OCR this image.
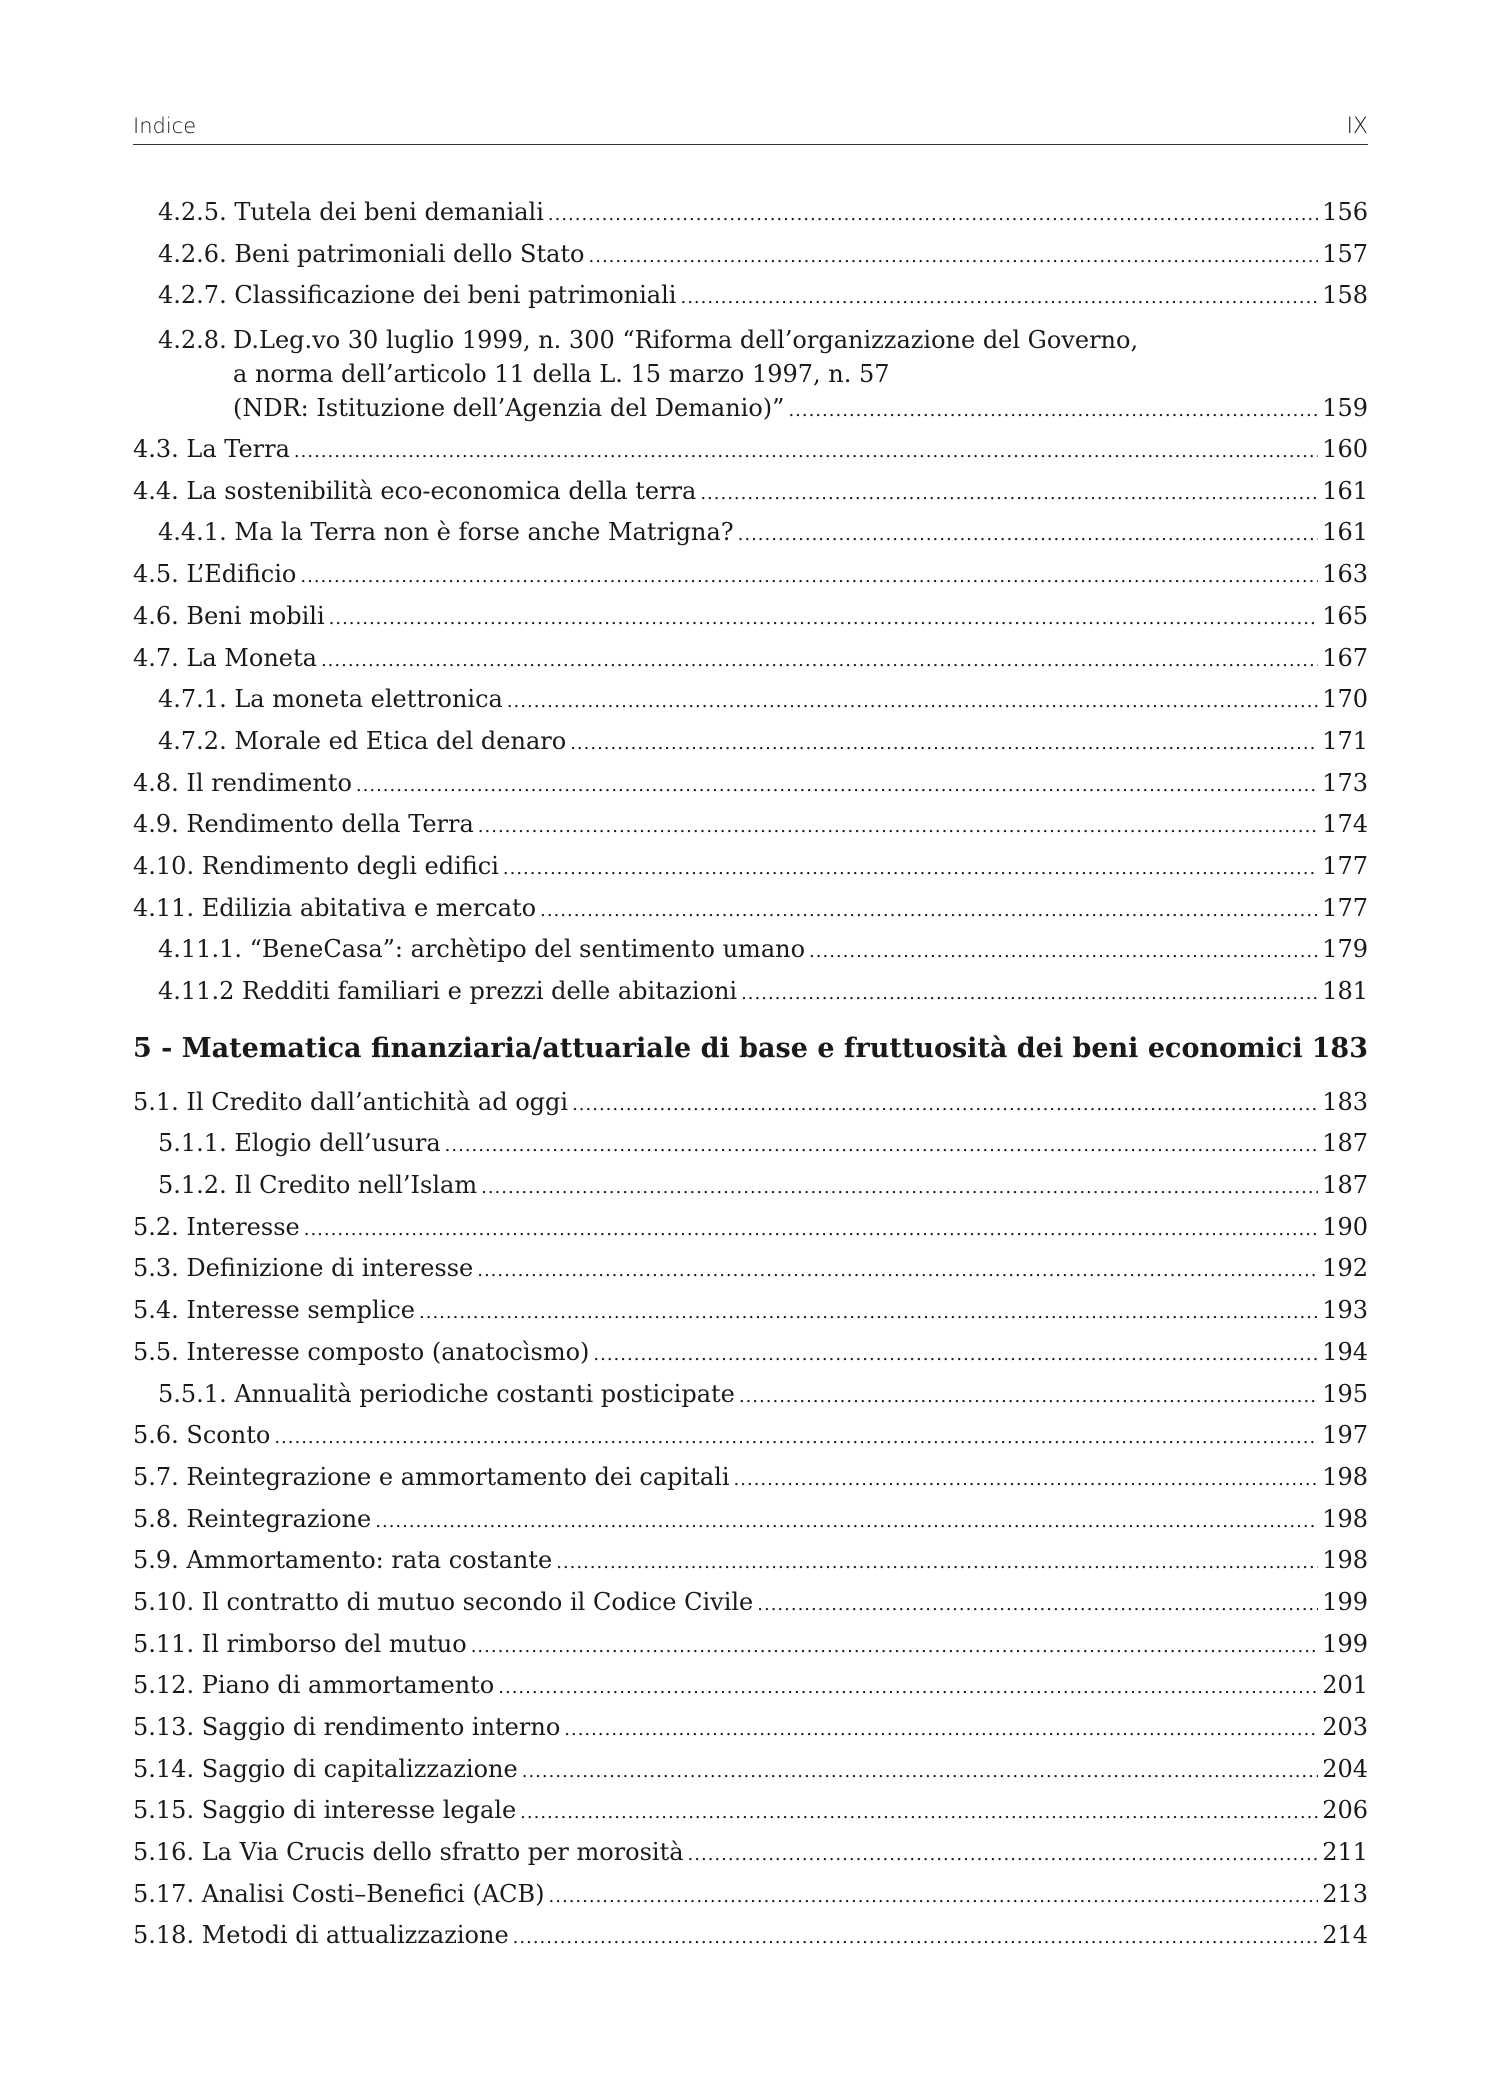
Indice	IX
4.2.5. Tutela dei beni demaniali .....	156
4.2.6. Beni patrimoniali dello Stato .....	157
4.2.7. Classificazione dei beni patrimoniali .....	158
4.2.8. D.Leg.vo 30 luglio 1999, n. 300 “Riforma dell’organizzazione del Governo,
a norma dell’articolo 11 della L. 15 marzo 1997, n. 57
(NDR: Istituzione dell’Agenzia del Demanio)” .....	159
4.3. La Terra .....	160
4.4. La sostenibilità eco-economica della terra .....	161
4.4.1. Ma la Terra non è forse anche Matrigna? .....	161
4.5. L’Edificio .....	163
4.6. Beni mobili .....	165
4.7. La Moneta .....	167
4.7.1. La moneta elettronica .....	170
4.7.2. Morale ed Etica del denaro .....	171
4.8. Il rendimento .....	173
4.9. Rendimento della Terra .....	174
4.10. Rendimento degli edifici .....	177
4.11. Edilizia abitativa e mercato .....	177
4.11.1. “BeneCasa”: archètipo del sentimento umano .....	179
4.11.2 Redditi familiari e prezzi delle abitazioni .....	181
5 - Matematica finanziaria/attuariale di base e fruttuosità dei beni economici 183
5.1. Il Credito dall’antichità ad oggi .....	183
5.1.1. Elogio dell’usura .....	187
5.1.2. Il Credito nell’Islam .....	187
5.2. Interesse .....	190
5.3. Definizione di interesse .....	192
5.4. Interesse semplice .....	193
5.5. Interesse composto (anatocìsmo) .....	194
5.5.1. Annualità periodiche costanti posticipate .....	195
5.6. Sconto .....	197
5.7. Reintegrazione e ammortamento dei capitali .....	198
5.8. Reintegrazione .....	198
5.9. Ammortamento: rata costante .....	198
5.10. Il contratto di mutuo secondo il Codice Civile .....	199
5.11. Il rimborso del mutuo .....	199
5.12. Piano di ammortamento .....	201
5.13. Saggio di rendimento interno .....	203
5.14. Saggio di capitalizzazione .....	204
5.15. Saggio di interesse legale .....	206
5.16. La Via Crucis dello sfratto per morosità .....	211
5.17. Analisi Costi–Benefici (ACB) .....	213
5.18. Metodi di attualizzazione .....	214
